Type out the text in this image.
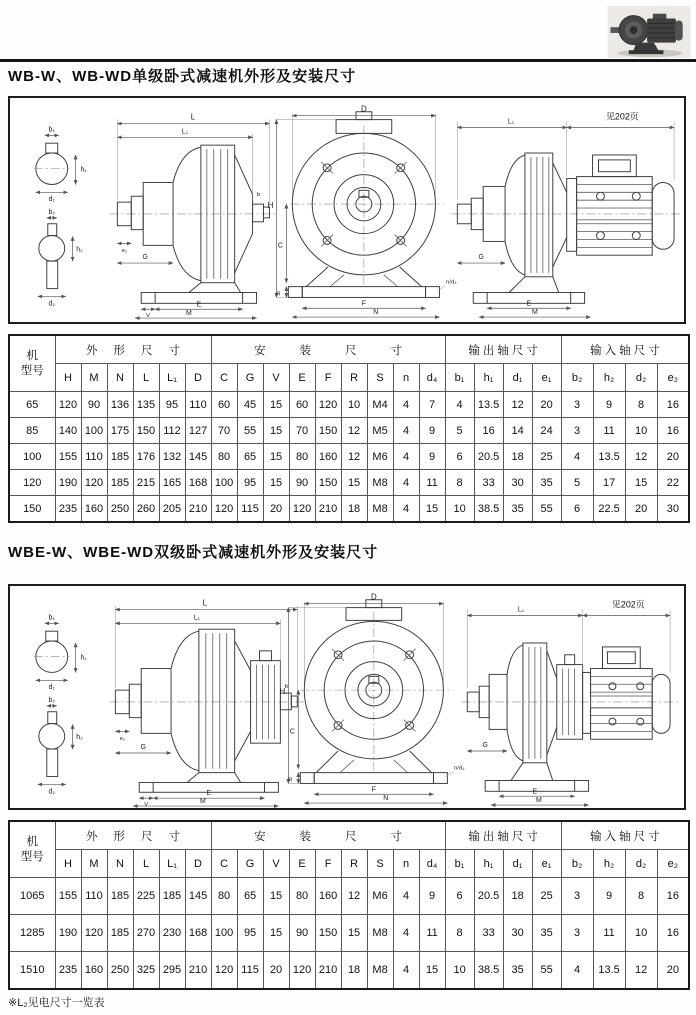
WB-W、WB-WD单级卧式减速机外形及安装尺寸
b₁
h₁
d₁
b₂
h₂
d₂
L
L₁
b
e₁
G
V
E
M
D
H
C
R
F
N
n/d₄
L₁
见202页
G
E
M
机
型号	外形尺寸						安装尺寸									输出轴尺寸				输入轴尺寸			
	H	M	N	L	L₁	D	C	G	V	E	F	R	S	n	d₄	b₁	h₁	d₁	e₁	b₂	h₂	d₂	e₂
65	120	90	136	135	95	110	60	45	15	60	120	10	M4	4	7	4	13.5	12	20	3	9	8	16
85	140	100	175	150	112	127	70	55	15	70	150	12	M5	4	9	5	16	14	24	3	11	10	16
100	155	110	185	176	132	145	80	65	15	80	160	12	M6	4	9	6	20.5	18	25	4	13.5	12	20
120	190	120	185	215	165	168	100	95	15	90	150	15	M8	4	11	8	33	30	35	5	17	15	22
150	235	160	250	260	205	210	120	115	20	120	210	18	M8	4	15	10	38.5	35	55	6	22.5	20	30
WBE-W、WBE-WD双级卧式减速机外形及安装尺寸
b₁
h₁
d₁
b₂
h₂
d₂
L
L₁
b
e₁
G
V
E
M
D
H
C
R
F
N
n/d₄
L₁
见202页
G
E
M
机
型号	外形尺寸						安装尺寸									输出轴尺寸				输入轴尺寸			
	H	M	N	L	L₁	D	C	G	V	E	F	R	S	n	d₄	b₁	h₁	d₁	e₁	b₂	h₂	d₂	e₂
1065	155	110	185	225	185	145	80	65	15	80	160	12	M6	4	9	6	20.5	18	25	3	9	8	16
1285	190	120	185	270	230	168	100	95	15	90	150	15	M8	4	11	8	33	30	35	3	11	10	16
1510	235	160	250	325	295	210	120	115	20	120	210	18	M8	4	15	10	38.5	35	55	4	13.5	12	20
※L₂见电尺寸一览表
